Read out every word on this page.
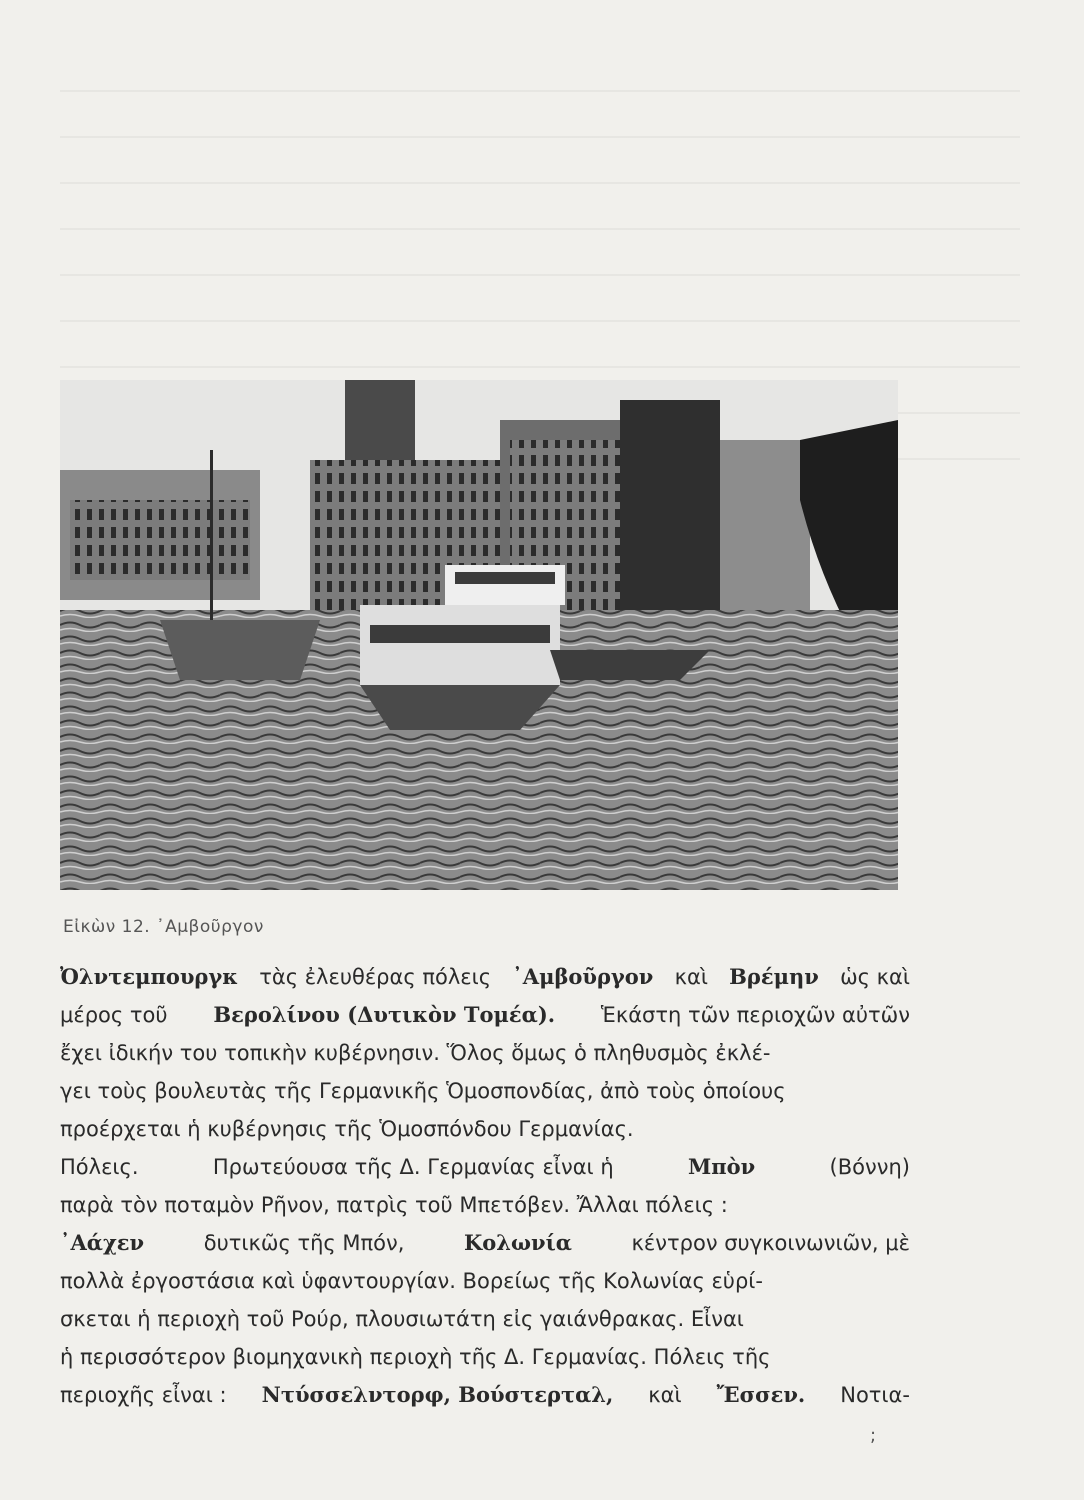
Εἰκὼν 12. ᾿Αμβοῦργον
Ὀλντεμπουργκ τὰς ἐλευθέρας πόλεις ᾿Αμβοῦργον καὶ Βρέμην ὡς καὶ
μέρος τοῦ Βερολίνου (Δυτικὸν Τομέα). Ἑκάστη τῶν περιοχῶν αὐτῶν
ἔχει ἰδικήν του τοπικὴν κυβέρνησιν. Ὅλος ὅμως ὁ πληθυσμὸς ἐκλέ-
γει τοὺς βουλευτὰς τῆς Γερμανικῆς Ὁμοσπονδίας, ἀπὸ τοὺς ὁποίους
προέρχεται ἡ κυβέρνησις τῆς Ὁμοσπόνδου Γερμανίας.
Πόλεις.	Πρωτεύουσα τῆς Δ. Γερμανίας εἶναι ἡ	Μπὸν	(Βόννη)
παρὰ τὸν ποταμὸν Ρῆνον, πατρὶς τοῦ Μπετόβεν. Ἄλλαι πόλεις :
᾿Αάχεν	δυτικῶς τῆς Μπόν,	Κολωνία	κέντρον συγκοινωνιῶν, μὲ
πολλὰ ἐργοστάσια καὶ ὑφαντουργίαν. Βορείως τῆς Κολωνίας εὑρί-
σκεται ἡ περιοχὴ τοῦ Ρούρ, πλουσιωτάτη εἰς γαιάνθρακας. Εἶναι
ἡ περισσότερον βιομηχανικὴ περιοχὴ τῆς Δ. Γερμανίας. Πόλεις τῆς
περιοχῆς εἶναι : Ντύσσελντορφ, Βούστερταλ, καὶ Ἔσσεν. Νοτια-
;
